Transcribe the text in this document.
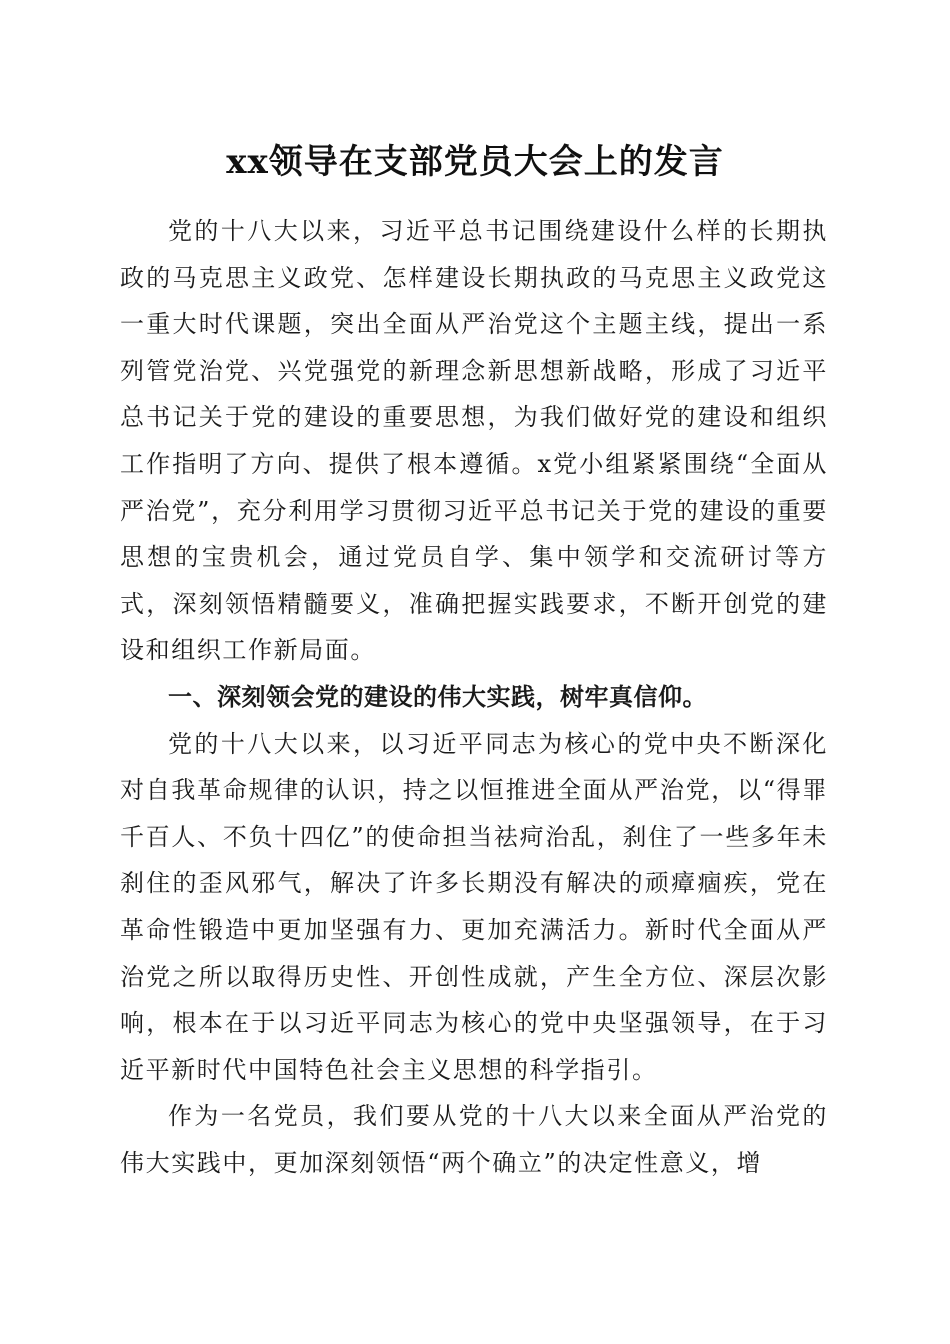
xx领导在支部党员大会上的发言

党的十八大以来，习近平总书记围绕建设什么样的长期执政的马克思主义政党、怎样建设长期执政的马克思主义政党这一重大时代课题，突出全面从严治党这个主题主线，提出一系列管党治党、兴党强党的新理念新思想新战略，形成了习近平总书记关于党的建设的重要思想，为我们做好党的建设和组织工作指明了方向、提供了根本遵循。x党小组紧紧围绕“全面从严治党”，充分利用学习贯彻习近平总书记关于党的建设的重要思想的宝贵机会，通过党员自学、集中领学和交流研讨等方式，深刻领悟精髓要义，准确把握实践要求，不断开创党的建设和组织工作新局面。

一、深刻领会党的建设的伟大实践，树牢真信仰。

党的十八大以来，以习近平同志为核心的党中央不断深化对自我革命规律的认识，持之以恒推进全面从严治党，以“得罪千百人、不负十四亿”的使命担当祛疴治乱，刹住了一些多年未刹住的歪风邪气，解决了许多长期没有解决的顽瘴痼疾，党在革命性锻造中更加坚强有力、更加充满活力。新时代全面从严治党之所以取得历史性、开创性成就，产生全方位、深层次影响，根本在于以习近平同志为核心的党中央坚强领导，在于习近平新时代中国特色社会主义思想的科学指引。

作为一名党员，我们要从党的十八大以来全面从严治党的伟大实践中，更加深刻领悟“两个确立”的决定性意义，增
